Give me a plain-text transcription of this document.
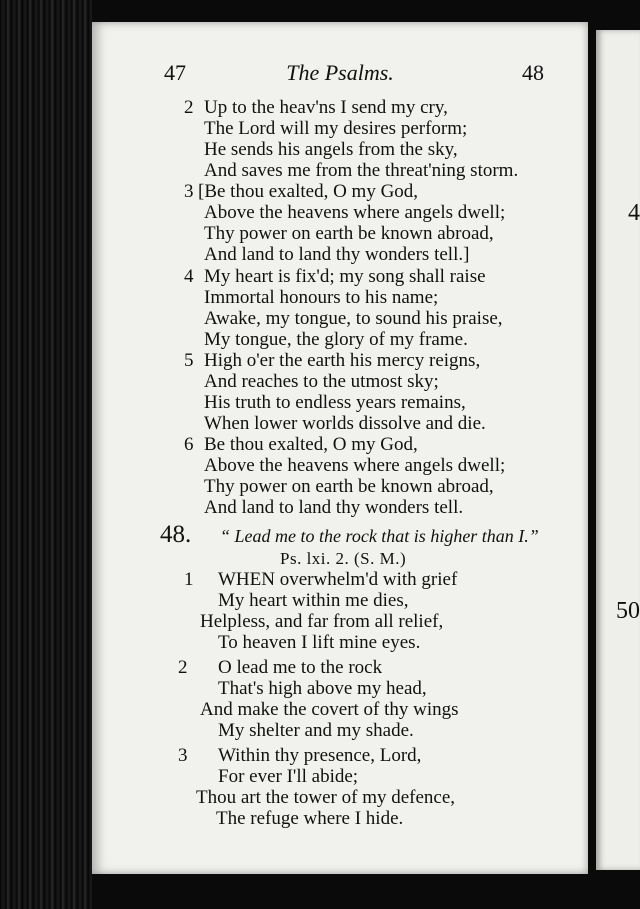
47	The Psalms.	48
2 Up to the heav'ns I send my cry,
The Lord will my desires perform;
He sends his angels from the sky,
And saves me from the threat'ning storm.
3 [Be thou exalted, O my God,
Above the heavens where angels dwell;
Thy power on earth be known abroad,
And land to land thy wonders tell.]
4 My heart is fix'd; my song shall raise
Immortal honours to his name;
Awake, my tongue, to sound his praise,
My tongue, the glory of my frame.
5 High o'er the earth his mercy reigns,
And reaches to the utmost sky;
His truth to endless years remains,
When lower worlds dissolve and die.
6 Be thou exalted, O my God,
Above the heavens where angels dwell;
Thy power on earth be known abroad,
And land to land thy wonders tell.
48. “ Lead me to the rock that is higher than I.”
Ps. lxi. 2. (S. M.)
1 WHEN overwhelm'd with grief
My heart within me dies,
Helpless, and far from all relief,
To heaven I lift mine eyes.
2 O lead me to the rock
That's high above my head,
And make the covert of thy wings
My shelter and my shade.
3 Within thy presence, Lord,
For ever I'll abide;
Thou art the tower of my defence,
The refuge where I hide.
4
50
